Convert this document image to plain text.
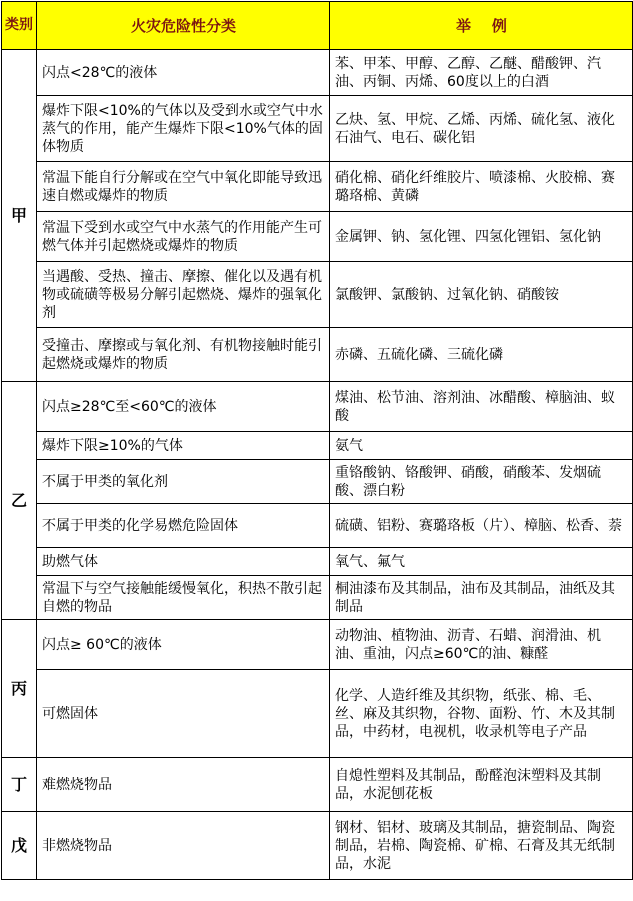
类别	火灾危险性分类	举    例
甲	闪点<28℃的液体	苯、甲苯、甲醇、乙醇、乙醚、醋酸钾、汽油、丙铜、丙烯、60度以上的白酒
	爆炸下限<10%的气体以及受到水或空气中水蒸气的作用，能产生爆炸下限<10%气体的固体物质	乙炔、氢、甲烷、乙烯、丙烯、硫化氢、液化石油气、电石、碳化铝
	常温下能自行分解或在空气中氧化即能导致迅速自燃或爆炸的物质	硝化棉、硝化纤维胶片、喷漆棉、火胶棉、赛璐珞棉、黄磷
	常温下受到水或空气中水蒸气的作用能产生可燃气体并引起燃烧或爆炸的物质	金属钾、钠、氢化锂、四氢化锂铝、氢化钠
	当遇酸、受热、撞击、摩擦、催化以及遇有机物或硫磺等极易分解引起燃烧、爆炸的强氧化剂	氯酸钾、氯酸钠、过氧化钠、硝酸铵
	受撞击、摩擦或与氧化剂、有机物接触时能引起燃烧或爆炸的物质	赤磷、五硫化磷、三硫化磷
乙	闪点≥28℃至<60℃的液体	煤油、松节油、溶剂油、冰醋酸、樟脑油、蚁酸
	爆炸下限≥10%的气体	氨气
	不属于甲类的氧化剂	重铬酸钠、铬酸钾、硝酸，硝酸苯、发烟硫酸、漂白粉
	不属于甲类的化学易燃危险固体	硫磺、铝粉、赛璐珞板（片）、樟脑、松香、萘
	助燃气体	氧气、氟气
	常温下与空气接触能缓慢氧化，积热不散引起自燃的物品	桐油漆布及其制品，油布及其制品，油纸及其制品
丙	闪点≥ 60℃的液体	动物油、植物油、沥青、石蜡、润滑油、机油、重油，闪点≥60℃的油、糠醛
	可燃固体	化学、人造纤维及其织物，纸张、棉、毛、丝、麻及其织物，谷物、面粉、竹、木及其制品，中药材，电视机，收录机等电子产品
丁	难燃烧物品	自熄性塑料及其制品，酚醛泡沫塑料及其制品，水泥刨花板
戊	非燃烧物品	钢材、铝材、玻璃及其制品，搪瓷制品、陶瓷制品，岩棉、陶瓷棉、矿棉、石膏及其无纸制品，水泥
